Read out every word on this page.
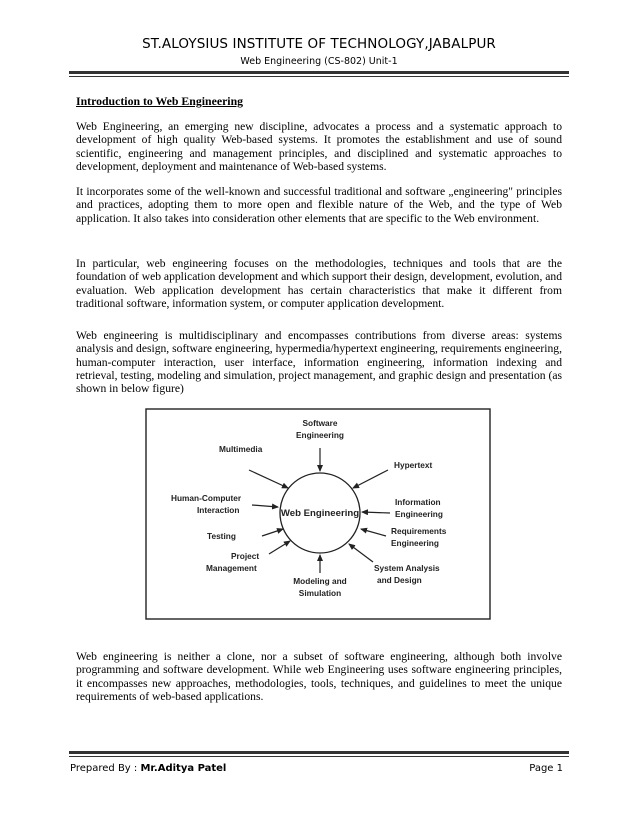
ST.ALOYSIUS INSTITUTE OF TECHNOLOGY,JABALPUR
Web Engineering (CS-802) Unit-1
Introduction to Web Engineering
Web Engineering, an emerging new discipline, advocates a process and a systematic approach to development of high quality Web-based systems. It promotes the establishment and use of sound scientific, engineering and management principles, and disciplined and systematic approaches to development, deployment and maintenance of Web-based systems.
It incorporates some of the well-known and successful traditional and software „engineering" principles and practices, adopting them to more open and flexible nature of the Web, and the type of Web application. It also takes into consideration other elements that are specific to the Web environment.
In particular, web engineering focuses on the methodologies, techniques and tools that are the foundation of web application development and which support their design, development, evolution, and evaluation. Web application development has certain characteristics that make it different from traditional software, information system, or computer application development.
Web engineering is multidisciplinary and encompasses contributions from diverse areas: systems analysis and design, software engineering, hypermedia/hypertext engineering, requirements engineering, human-computer interaction, user interface, information engineering, information indexing and retrieval, testing, modeling and simulation, project management, and graphic design and presentation (as shown in below figure)
Web Engineering
Software
Engineering
Multimedia
Hypertext
Human-Computer
Interaction
Information
Engineering
Testing	Requirements
Engineering
Project
Management	System Analysis
and Design
Modeling and
Simulation
Web engineering is neither a clone, nor a subset of software engineering, although both involve programming and software development. While web Engineering uses software engineering principles, it encompasses new approaches, methodologies, tools, techniques, and guidelines to meet the unique requirements of web-based applications.
Prepared By : Mr.Aditya Patel	Page 1
